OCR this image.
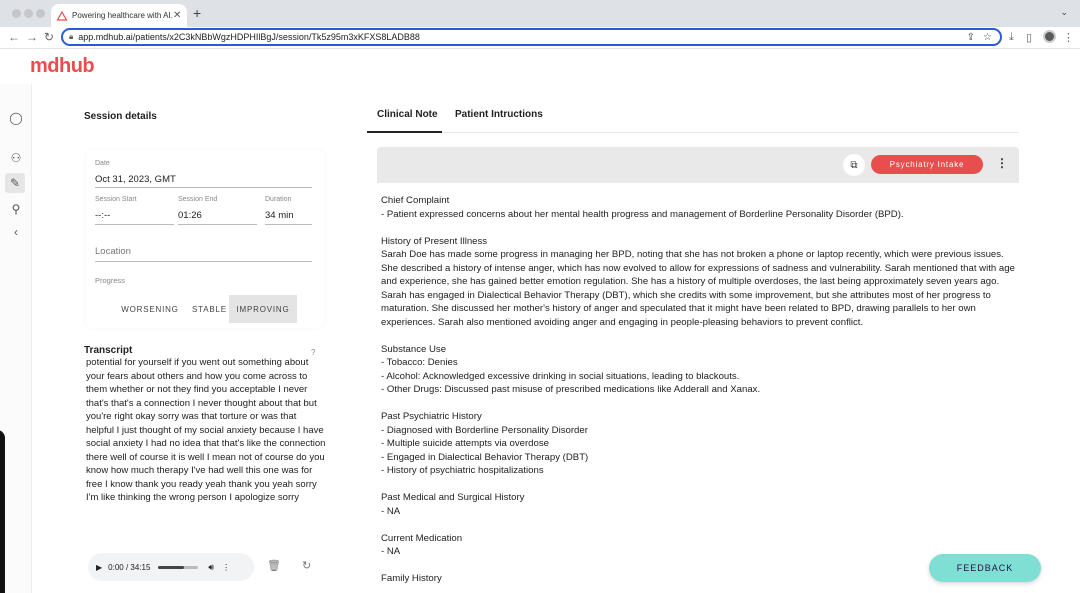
Powering healthcare with AI. ✕ +	⌄
← → ↻ 🔒︎ app.mdhub.ai/patients/x2C3kNBbWgzHDPHIlBgJ/session/Tk5z95m3xKFXS8LADB88	⇪ ☆ ⤓ ▯	⋮
mdhub
◯
⚇
✎
⚲
‹
Session details
Date
Oct 31, 2023, GMT
Session Start
--:--
Session End
01:26
Duration
34 min
Location
Progress
WORSENING	STABLE	IMPROVING
Transcript	?
potential for yourself if you went out something about your fears about others and how you come across to them whether or not they find you acceptable I never that's that's a connection I never thought about that but you're right okay sorry was that torture or was that helpful I just thought of my social anxiety because I have social anxiety I had no idea that that's like the connection there well of course it is well I mean not of course do you know how much therapy I've had well this one was for free I know thank you ready yeah thank you yeah sorry I'm like thinking the wrong person I apologize sorry
▶ 0:00 / 34:15	🔊︎ ⋮	🗑︎ ↻
Clinical Note Patient Intructions
⧉	Psychiatry Intake	⋮

Chief Complaint

- Patient expressed concerns about her mental health progress and management of Borderline Personality Disorder (BPD).

History of Present Illness

Sarah Doe has made some progress in managing her BPD, noting that she has not broken a phone or laptop recently, which were previous issues. She described a history of intense anger, which has now evolved to allow for expressions of sadness and vulnerability. Sarah mentioned that with age and experience, she has gained better emotion regulation. She has a history of multiple overdoses, the last being approximately seven years ago. Sarah has engaged in Dialectical Behavior Therapy (DBT), which she credits with some improvement, but she attributes most of her progress to maturation. She discussed her mother's history of anger and speculated that it might have been related to BPD, drawing parallels to her own experiences. Sarah also mentioned avoiding anger and engaging in people-pleasing behaviors to prevent conflict.

Substance Use

- Tobacco: Denies

- Alcohol: Acknowledged excessive drinking in social situations, leading to blackouts.

- Other Drugs: Discussed past misuse of prescribed medications like Adderall and Xanax.

Past Psychiatric History

- Diagnosed with Borderline Personality Disorder

- Multiple suicide attempts via overdose

- Engaged in Dialectical Behavior Therapy (DBT)

- History of psychiatric hospitalizations

Past Medical and Surgical History

- NA

Current Medication

- NA

Family History

FEEDBACK
